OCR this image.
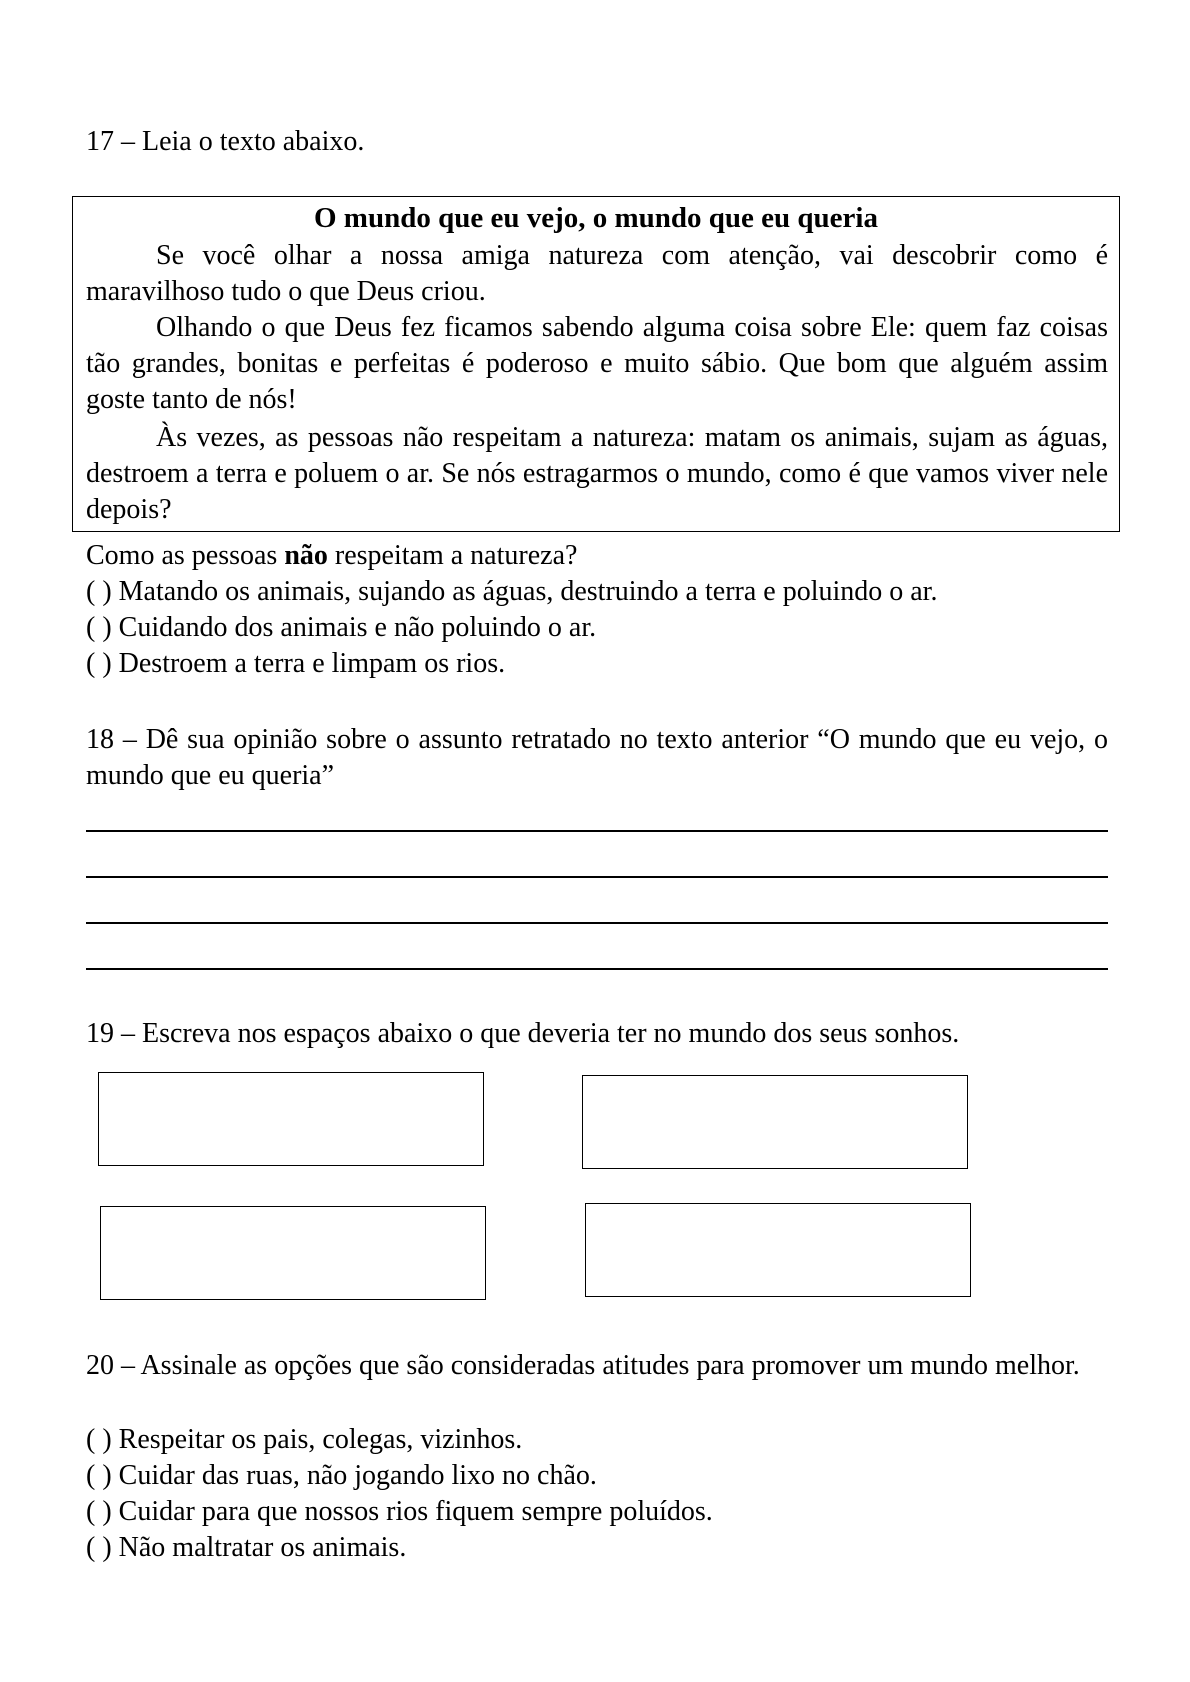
17 – Leia o texto abaixo.
O mundo que eu vejo, o mundo que eu queria

Se você olhar a nossa amiga natureza com atenção, vai descobrir como é maravilhoso tudo o que Deus criou.

Olhando o que Deus fez ficamos sabendo alguma coisa sobre Ele: quem faz coisas tão grandes, bonitas e perfeitas é poderoso e muito sábio. Que bom que alguém assim goste tanto de nós!

Às vezes, as pessoas não respeitam a natureza: matam os animais, sujam as águas, destroem a terra e poluem o ar. Se nós estragarmos o mundo, como é que vamos viver nele depois?

Como as pessoas não respeitam a natureza?
( ) Matando os animais, sujando as águas, destruindo a terra e poluindo o ar.
( ) Cuidando dos animais e não poluindo o ar.
( ) Destroem a terra e limpam os rios.

18 – Dê sua opinião sobre o assunto retratado no texto anterior “O mundo que eu vejo, o mundo que eu queria”

19 – Escreva nos espaços abaixo o que deveria ter no mundo dos seus sonhos.

20 – Assinale as opções que são consideradas atitudes para promover um mundo melhor.

( ) Respeitar os pais, colegas, vizinhos.
( ) Cuidar das ruas, não jogando lixo no chão.
( ) Cuidar para que nossos rios fiquem sempre poluídos.
( ) Não maltratar os animais.
